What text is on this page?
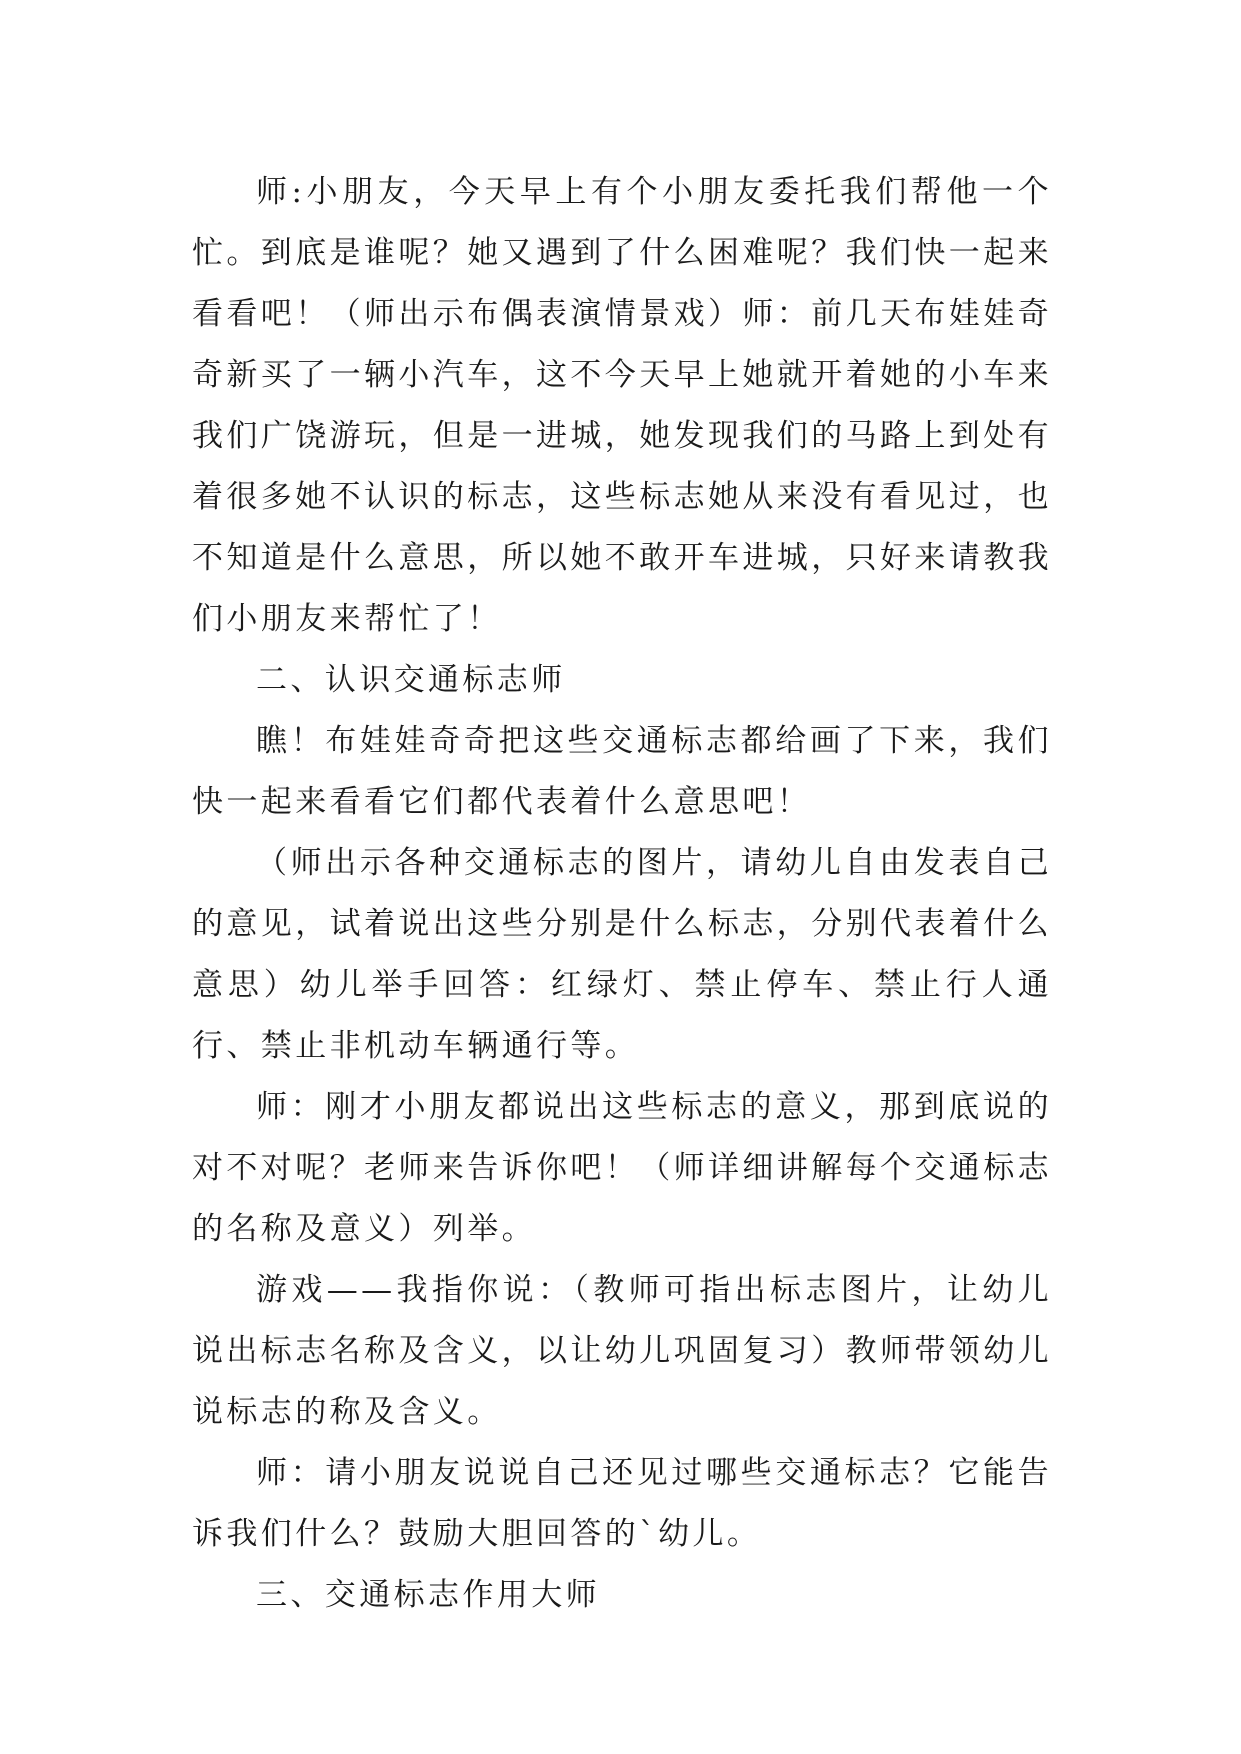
师:小朋友，今天早上有个小朋友委托我们帮他一个忙。到底是谁呢？她又遇到了什么困难呢？我们快一起来看看吧！（师出示布偶表演情景戏）师：前几天布娃娃奇奇新买了一辆小汽车，这不今天早上她就开着她的小车来我们广饶游玩，但是一进城，她发现我们的马路上到处有着很多她不认识的标志，这些标志她从来没有看见过，也不知道是什么意思，所以她不敢开车进城，只好来请教我们小朋友来帮忙了！

二、认识交通标志师

瞧！布娃娃奇奇把这些交通标志都给画了下来，我们快一起来看看它们都代表着什么意思吧！

（师出示各种交通标志的图片，请幼儿自由发表自己的意见，试着说出这些分别是什么标志，分别代表着什么意思）幼儿举手回答：红绿灯、禁止停车、禁止行人通行、禁止非机动车辆通行等。

师：刚才小朋友都说出这些标志的意义，那到底说的对不对呢？老师来告诉你吧！（师详细讲解每个交通标志的名称及意义）列举。

游戏——我指你说：（教师可指出标志图片，让幼儿说出标志名称及含义，以让幼儿巩固复习）教师带领幼儿说标志的称及含义。

师：请小朋友说说自己还见过哪些交通标志？它能告诉我们什么？鼓励大胆回答的`幼儿。

三、交通标志作用大师
